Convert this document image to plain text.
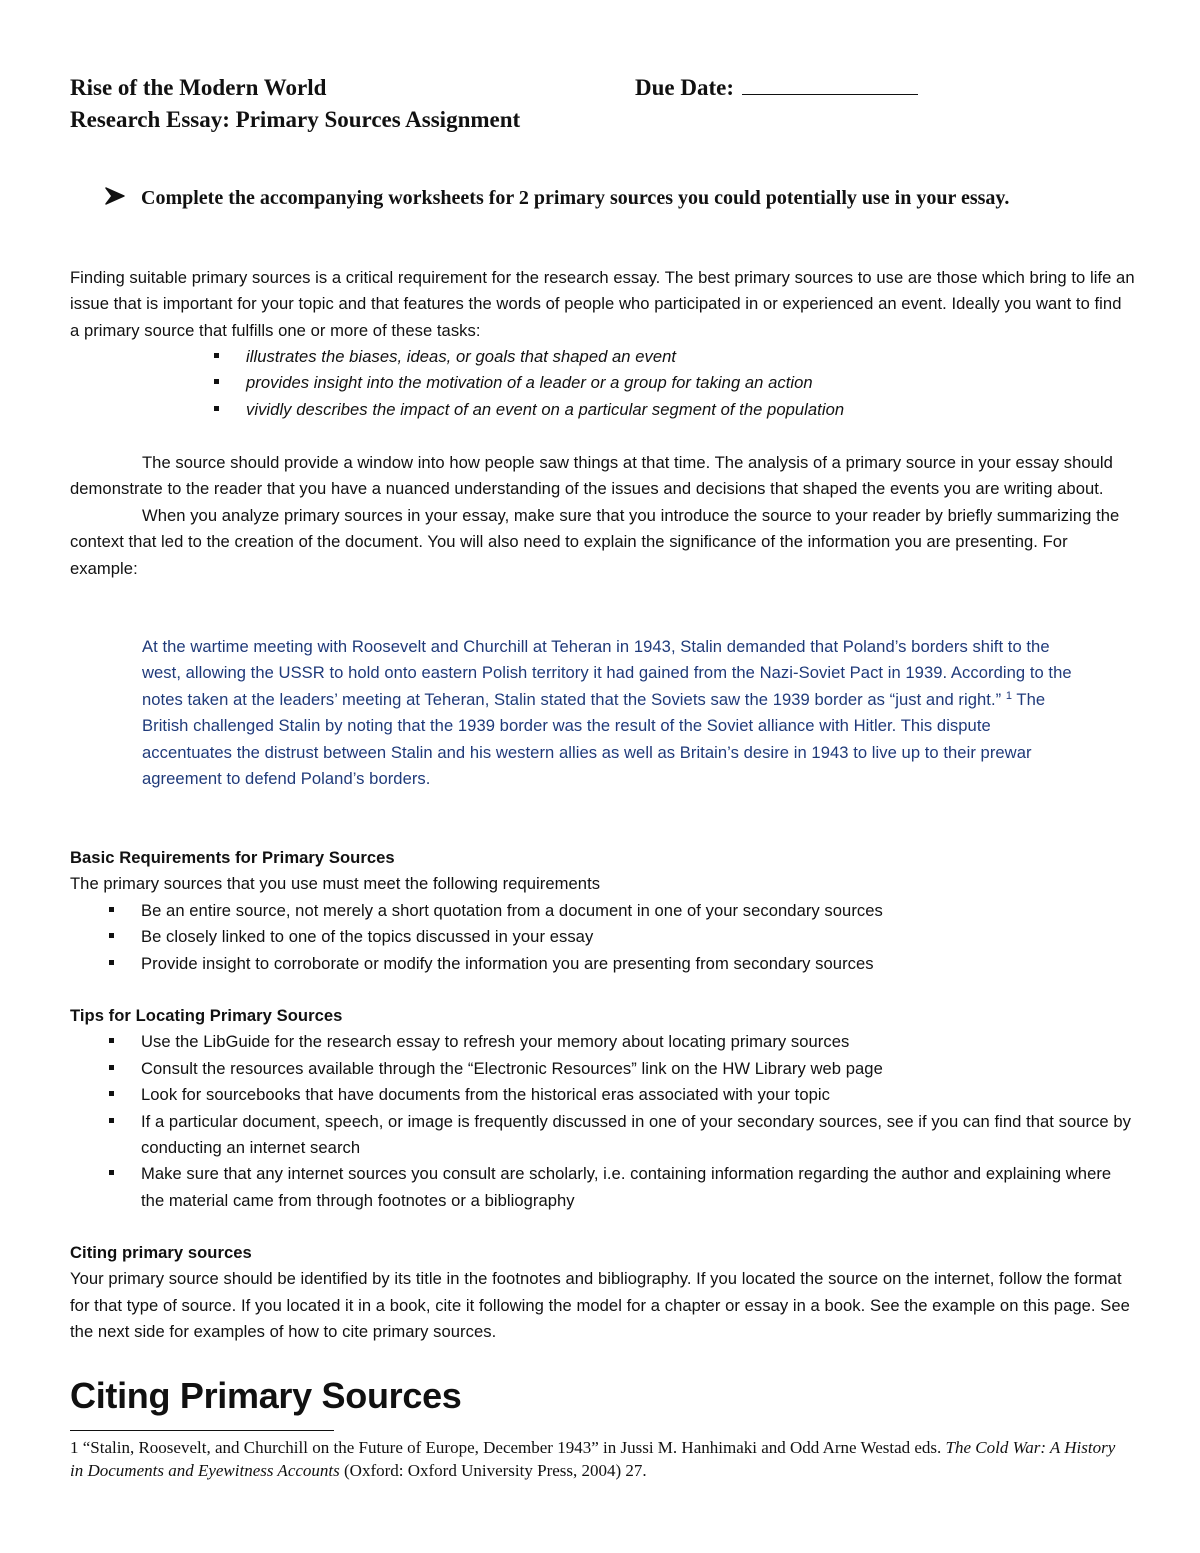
Rise of the Modern World	Due Date:
Research Essay: Primary Sources Assignment
Complete the accompanying worksheets for 2 primary sources you could potentially use in your essay.
Finding suitable primary sources is a critical requirement for the research essay. The best primary sources to use are those which bring to life an issue that is important for your topic and that features the words of people who participated in or experienced an event. Ideally you want to find a primary source that fulfills one or more of these tasks:
illustrates the biases, ideas, or goals that shaped an event
provides insight into the motivation of a leader or a group for taking an action
vividly describes the impact of an event on a particular segment of the population
The source should provide a window into how people saw things at that time. The analysis of a primary source in your essay should demonstrate to the reader that you have a nuanced understanding of the issues and decisions that shaped the events you are writing about.
When you analyze primary sources in your essay, make sure that you introduce the source to your reader by briefly summarizing the context that led to the creation of the document. You will also need to explain the significance of the information you are presenting. For example:
At the wartime meeting with Roosevelt and Churchill at Teheran in 1943, Stalin demanded that Poland’s borders shift to the west, allowing the USSR to hold onto eastern Polish territory it had gained from the Nazi-Soviet Pact in 1939. According to the notes taken at the leaders’ meeting at Teheran, Stalin stated that the Soviets saw the 1939 border as “just and right.” $^1$ The British challenged Stalin by noting that the 1939 border was the result of the Soviet alliance with Hitler. This dispute accentuates the distrust between Stalin and his western allies as well as Britain’s desire in 1943 to live up to their prewar agreement to defend Poland’s borders.
Basic Requirements for Primary Sources
The primary sources that you use must meet the following requirements
Be an entire source, not merely a short quotation from a document in one of your secondary sources
Be closely linked to one of the topics discussed in your essay
Provide insight to corroborate or modify the information you are presenting from secondary sources
Tips for Locating Primary Sources
Use the LibGuide for the research essay to refresh your memory about locating primary sources
Consult the resources available through the “Electronic Resources” link on the HW Library web page
Look for sourcebooks that have documents from the historical eras associated with your topic
If a particular document, speech, or image is frequently discussed in one of your secondary sources, see if you can find that source by conducting an internet search
Make sure that any internet sources you consult are scholarly, i.e. containing information regarding the author and explaining where the material came from through footnotes or a bibliography
Citing primary sources
Your primary source should be identified by its title in the footnotes and bibliography. If you located the source on the internet, follow the format for that type of source. If you located it in a book, cite it following the model for a chapter or essay in a book. See the example on this page. See the next side for examples of how to cite primary sources.
Citing Primary Sources
1 “Stalin, Roosevelt, and Churchill on the Future of Europe, December 1943” in Jussi M. Hanhimaki and Odd Arne Westad eds. The Cold War: A History in Documents and Eyewitness Accounts (Oxford: Oxford University Press, 2004) 27.
